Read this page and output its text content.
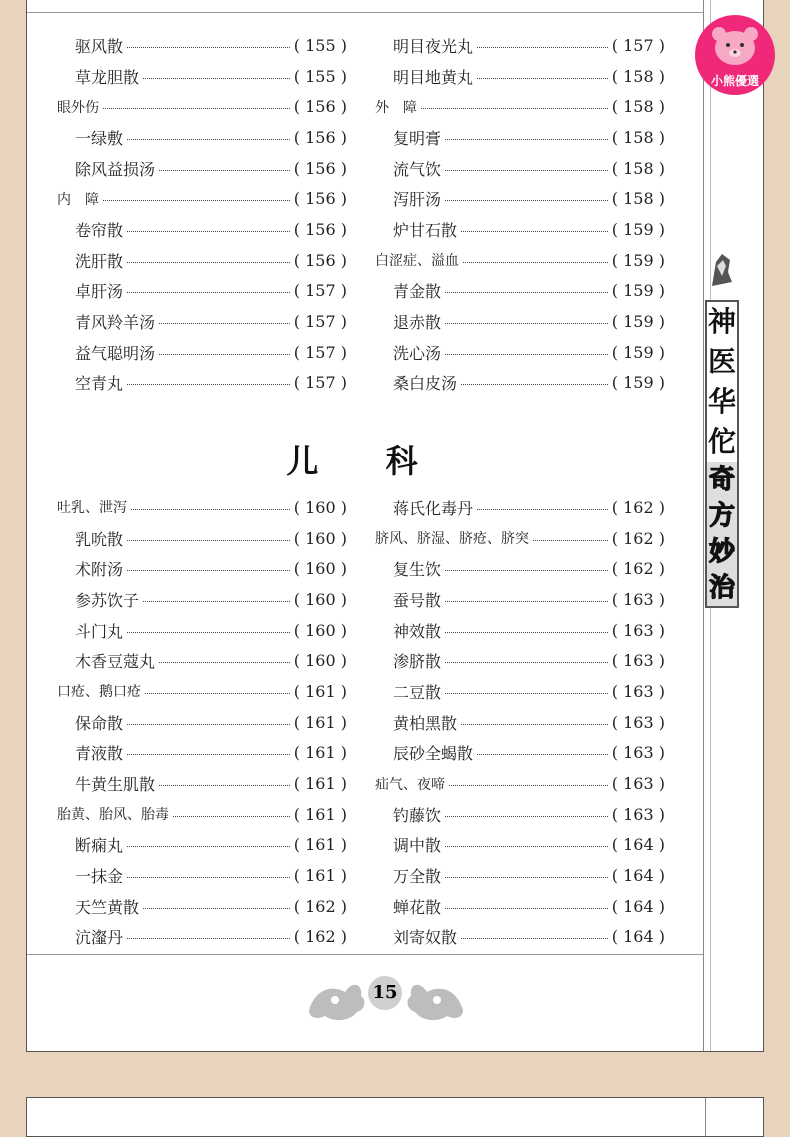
驱风散	( 155 )
草龙胆散	( 155 )
眼外伤	( 156 )
一绿敷	( 156 )
除风益损汤	( 156 )
内　障	( 156 )
卷帘散	( 156 )
洗肝散	( 156 )
卓肝汤	( 157 )
青风羚羊汤	( 157 )
益气聪明汤	( 157 )
空青丸	( 157 )
明目夜光丸	( 157 )
明目地黄丸	( 158 )
外　障	( 158 )
复明膏	( 158 )
流气饮	( 158 )
泻肝汤	( 158 )
炉甘石散	( 159 )
白涩症、溢血	( 159 )
青金散	( 159 )
退赤散	( 159 )
洗心汤	( 159 )
桑白皮汤	( 159 )
儿 科
吐乳、泄泻	( 160 )
乳吮散	( 160 )
术附汤	( 160 )
参苏饮子	( 160 )
斗门丸	( 160 )
木香豆蔻丸	( 160 )
口疮、鹅口疮	( 161 )
保命散	( 161 )
青液散	( 161 )
牛黄生肌散	( 161 )
胎黄、胎风、胎毒	( 161 )
断痫丸	( 161 )
一抹金	( 161 )
天竺黄散	( 162 )
沆瀣丹	( 162 )
蒋氏化毒丹	( 162 )
脐风、脐湿、脐疮、脐突	( 162 )
复生饮	( 162 )
蚕号散	( 163 )
神效散	( 163 )
渗脐散	( 163 )
二豆散	( 163 )
黄柏黑散	( 163 )
辰砂全蝎散	( 163 )
疝气、夜啼	( 163 )
钓藤饮	( 163 )
调中散	( 164 )
万全散	( 164 )
蝉花散	( 164 )
刘寄奴散	( 164 )
15
神
医
华
佗
奇
方
妙
治
小熊優選
